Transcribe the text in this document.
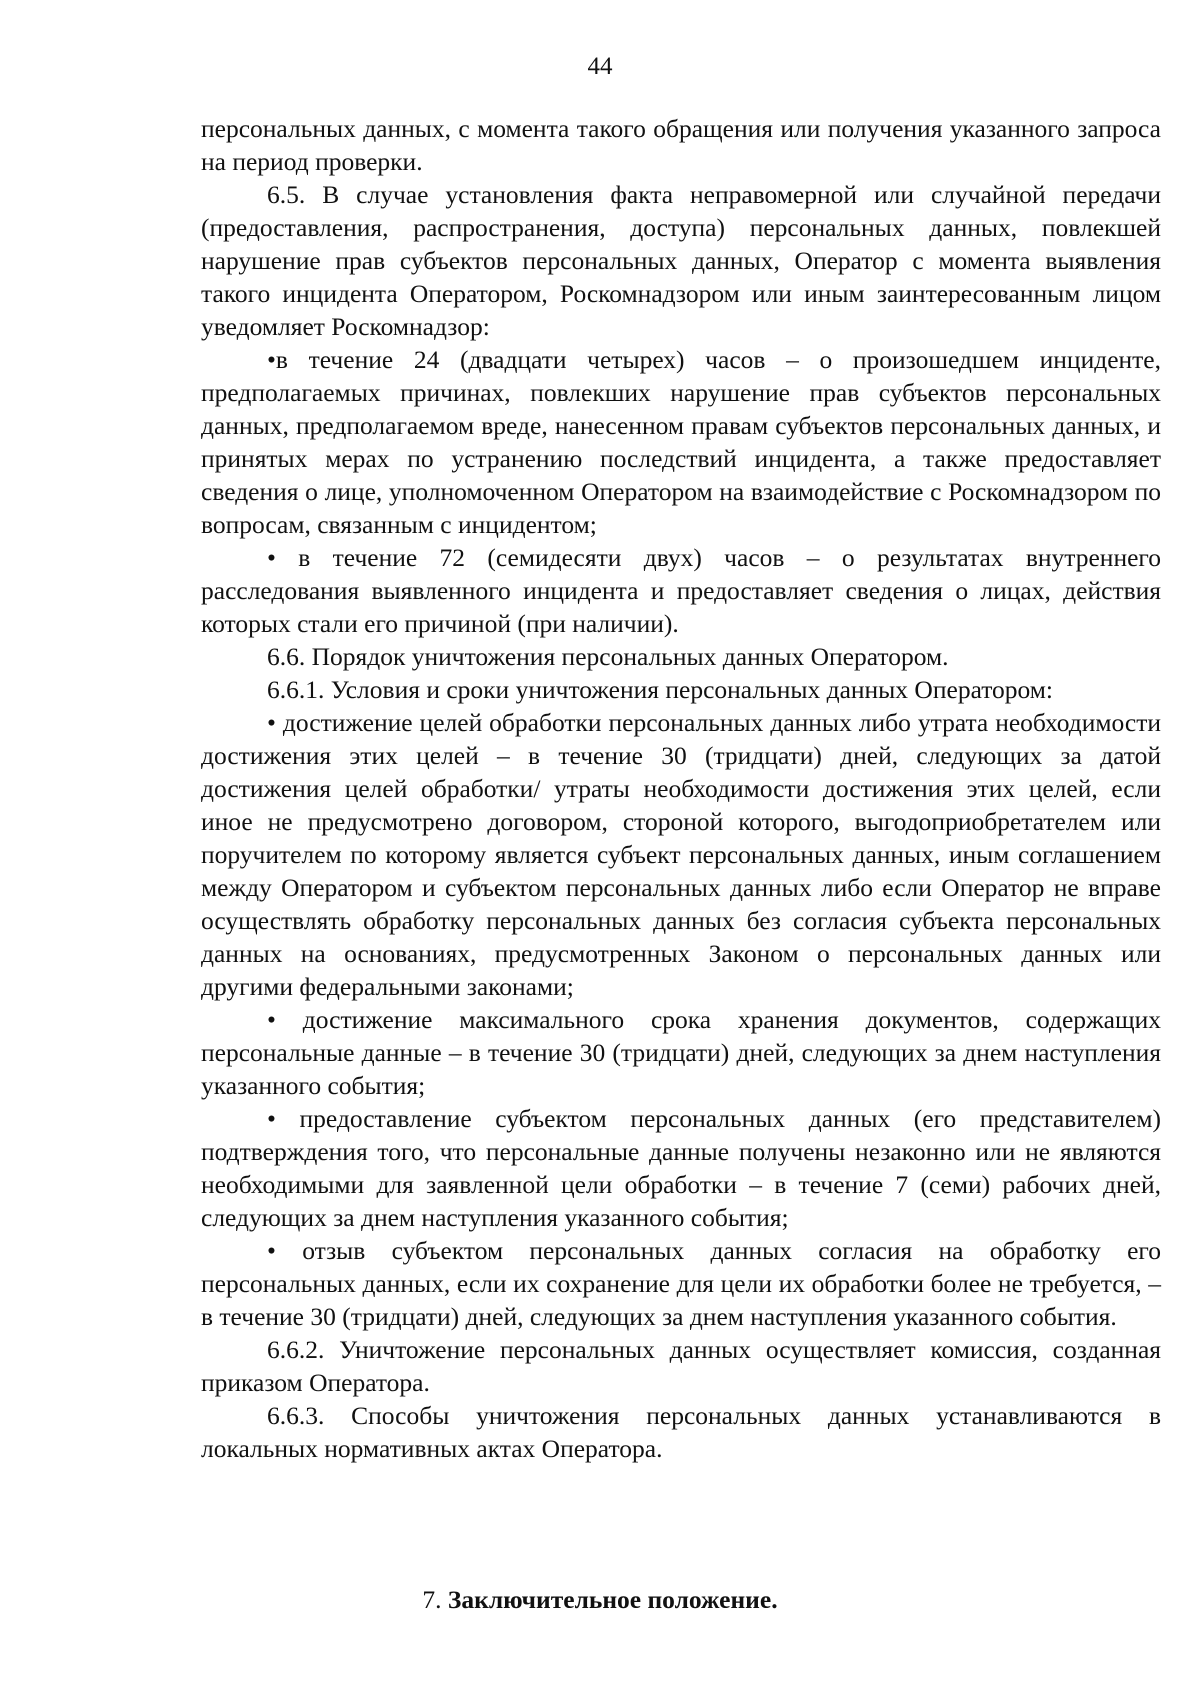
44

персональных данных, с момента такого обращения или получения указанного запроса на период проверки.

6.5. В случае установления факта неправомерной или случайной передачи (предоставления, распространения, доступа) персональных данных, повлекшей нарушение прав субъектов персональных данных, Оператор с момента выявления такого инцидента Оператором, Роскомнадзором или иным заинтересованным лицом уведомляет Роскомнадзор:

•в течение 24 (двадцати четырех) часов – о произошедшем инциденте, предполагаемых причинах, повлекших нарушение прав субъектов персональных данных, предполагаемом вреде, нанесенном правам субъектов персональных данных, и принятых мерах по устранению последствий инцидента, а также предоставляет сведения о лице, уполномоченном Оператором на взаимодействие с Роскомнадзором по вопросам, связанным с инцидентом;

• в течение 72 (семидесяти двух) часов – о результатах внутреннего расследования выявленного инцидента и предоставляет сведения о лицах, действия которых стали его причиной (при наличии).

6.6. Порядок уничтожения персональных данных Оператором.

6.6.1. Условия и сроки уничтожения персональных данных Оператором:

• достижение целей обработки персональных данных либо утрата необходимости достижения этих целей – в течение 30 (тридцати) дней, следующих за датой достижения целей обработки/ утраты необходимости достижения этих целей, если иное не предусмотрено договором, стороной которого, выгодоприобретателем или поручителем по которому является субъект персональных данных, иным соглашением между Оператором и субъектом персональных данных либо если Оператор не вправе осуществлять обработку персональных данных без согласия субъекта персональных данных на основаниях, предусмотренных Законом о персональных данных или другими федеральными законами;

• достижение максимального срока хранения документов, содержащих персональные данные – в течение 30 (тридцати) дней, следующих за днем наступления указанного события;

• предоставление субъектом персональных данных (его представителем) подтверждения того, что персональные данные получены незаконно или не являются необходимыми для заявленной цели обработки – в течение 7 (семи) рабочих дней, следующих за днем наступления указанного события;

• отзыв субъектом персональных данных согласия на обработку его персональных данных, если их сохранение для цели их обработки более не требуется, – в течение 30 (тридцати) дней, следующих за днем наступления указанного события.

6.6.2. Уничтожение персональных данных осуществляет комиссия, созданная приказом Оператора.

6.6.3. Способы уничтожения персональных данных устанавливаются в локальных нормативных актах Оператора.

7. Заключительное положение.
